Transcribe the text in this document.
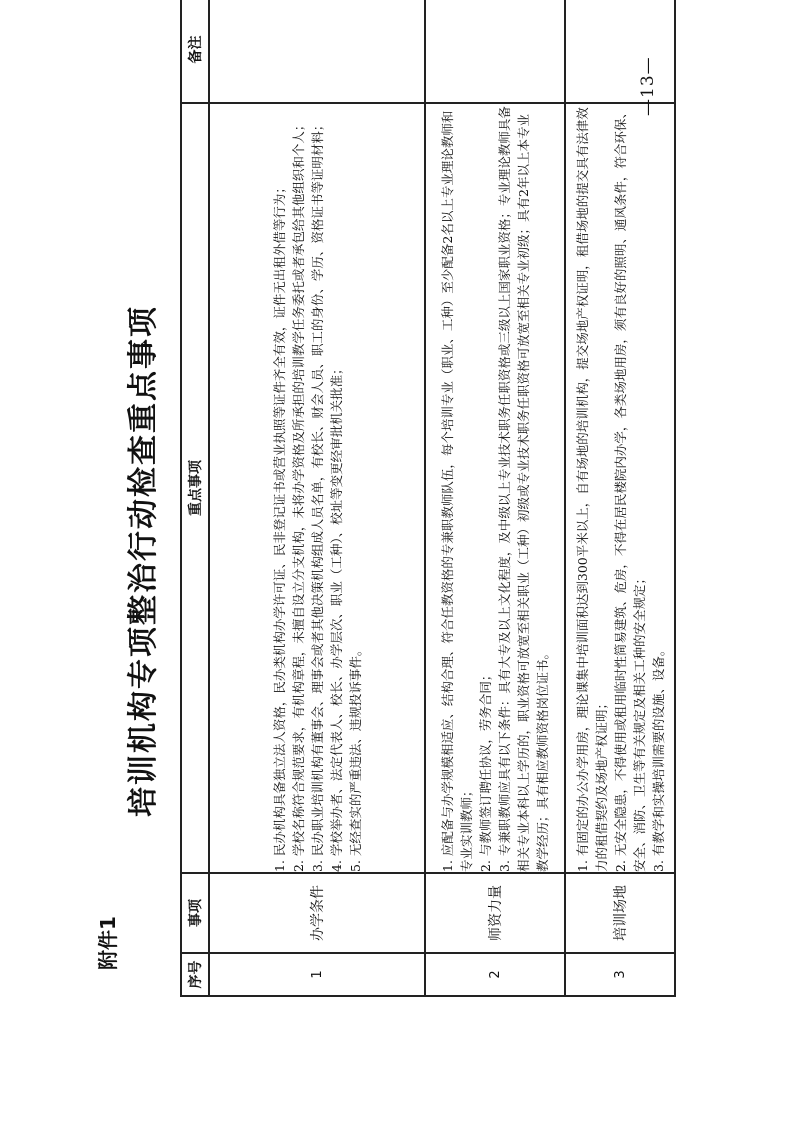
附件1
培训机构专项整治行动检查重点事项
序号	事项	重点事项	备注
1	办学条件	1. 民办机构具备独立法人资格，民办类机构办学许可证、民非登记证书或营业执照等证件齐全有效，证件无出租外借等行为； 2. 学校名称符合规范要求，有机构章程，未擅自设立分支机构，未将办学资格及所承担的培训教学任务委托或者承包给其他组织和个人； 3. 民办职业培训机构有董事会、理事会或者其他决策机构组成人员名单，有校长、财会人员、职工的身份、学历、资格证书等证明材料； 4. 学校举办者、法定代表人、校长、办学层次、职业（工种）、校址等变更经审批机关批准； 5. 无经查实的严重违法、违规投诉事件。	

2	师资力量	1. 应配备与办学规模相适应、结构合理、符合任教资格的专兼职教师队伍，每个培训专业（职业、工种）至少配备2名以上专业理论教师和专业实训教师； 2. 与教师签订聘任协议，劳务合同； 3. 专兼职教师应具有以下条件：具有大专及以上文化程度，及中级以上专业技术职务任职资格或三级以上国家职业资格；专业理论教师具备相关专业本科以上学历的，职业资格可放宽至相关职业（工种）初级或专业技术职务任职资格可放宽至相关专业初级；具有2年以上本专业教学经历；具有相应教师资格岗位证书。	

3	培训场地	1. 有固定的办公办学用房，理论课集中培训面积达到300平米以上，自有场地的培训机构，提交场地产权证明，租借场地的提交具有法律效力的租借契约及场地产权证明； 2. 无安全隐患，不得使用或租用临时性简易建筑、危房，不得在居民楼院内办学，各类场地用房，须有良好的照明、通风条件，符合环保、安全、消防、卫生等有关规定及相关工种的安全规定； 3. 有教学和实操培训需要的设施、设备。	

—13—
